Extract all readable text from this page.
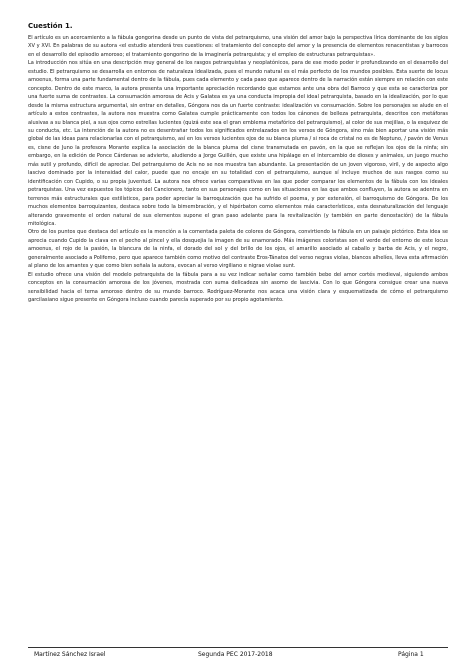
Cuestión 1.

El artículo es un acercamiento a la fábula gongorina desde un punto de vista del petrarquismo, una visión del amor bajo la perspectiva lírica dominante de los siglos XV y XVI. En palabras de su autora «el estudio atenderá tres cuestiones: el tratamiento del concepto del amor y la presencia de elementos renacentistas y barrocos en el desarrollo del episodio amoroso; el tratamiento gongorino de la imaginería petrarquista; y el empleo de estructuras petrarquistas».

La introducción nos sitúa en una descripción muy general de los rasgos petrarquistas y neoplatónicos, para de ese modo poder ir profundizando en el desarrollo del estudio. El petrarquismo se desarrolla en entornos de naturaleza idealizada, pues el mundo natural es el más perfecto de los mundos posibles. Esta suerte de locus amoenus, forma una parte fundamental dentro de la fábula, pues cada elemento y cada paso que aparece dentro de la narración están siempre en relación con este concepto. Dentro de este marco, la autora presenta una importante apreciación recordando que estamos ante una obra del Barroco y que esta se caracteriza por una fuerte suma de contrastes. La consumación amorosa de Acis y Galatea es ya una conducta impropia del ideal petrarquista, basado en la idealización, por lo que desde la misma estructura argumental, sin entrar en detalles, Góngora nos da un fuerte contraste: idealización vs consumación. Sobre los personajes se alude en el artículo a estos contrastes, la autora nos muestra como Galatea cumple prácticamente con todos los cánones de belleza petrarquista, descritos con metáforas alusivas a su blanca piel, a sus ojos como estrellas lucientes (quizá este sea el gran emblema metafórico del petrarquismo), al color de sus mejillas, o la esquivez de su conducta, etc. La intención de la autora no es desentrañar todos los significados entrelazados en los versos de Góngora, sino más bien aportar una visión más global de las ideas para relacionarlas con el petrarquismo, así en los versos lucientes ojos de su blanca pluma / si roca de cristal no es de Neptuno, / pavón de Venus es, cisne de Juno la profesora Morante explica la asociación de la blanca pluma del cisne transmutada en pavón, en la que se reflejan los ojos de la ninfa; sin embargo, en la edición de Ponce Cárdenas se advierte, aludiendo a Jorge Guillén, que existe una hipálage en el intercambio de dioses y animales, un juego mucho más sutil y profundo, difícil de apreciar. Del petrarquismo de Acis no se nos muestra tan abundante. La presentación de un joven vigoroso, viril, y de aspecto algo lascivo dominado por la intensidad del calor, puede que no encaje en su totalidad con el petrarquismo, aunque sí incluye muchos de sus rasgos como su identificación con Cupido, o su propia juventud. La autora nos ofrece varias comparativas en las que poder comparar los elementos de la fábula con los ideales petrarquistas. Una vez expuestos los tópicos del Cancionero, tanto en sus personajes como en las situaciones en las que ambos confluyen, la autora se adentra en terrenos más estructurales que estilísticos, para poder apreciar la barroquización que ha sufrido el poema, y por extensión, el barroquismo de Góngora. De los muchos elementos barroquizantes, destaca sobre todo la bimembración, y el hipérbaton como elementos más característicos, esta desnaturalización del lenguaje alterando gravemente el orden natural de sus elementos supone el gran paso adelante para la revitalización (y también en parte denostación) de la fábula mitológica.

Otro de los puntos que destaca del artículo es la mención a la comentada paleta de colores de Góngora, convirtiendo la fábula en un paisaje pictórico. Esta idea se aprecia cuando Cupido la clava en el pecho al pincel y ella dosquejia la imagen de su enamorado. Más imágenes coloristas son el verde del entorno de este locus amoenus, el rojo de la pasión, la blancura de la ninfa, el dorado del sol y del brillo de los ojos, el amarillo asociado al caballo y barba de Acis, y el negro, generalmente asociado a Polifemo, pero que aparece también como motivo del contraste Eros-Tánatos del verso negras violas, blancos alhelíes, lleva esta afirmación al plano de los amantes y que como bien señala la autora, evocan al verso virgiliano e nigrae violae sunt.

El estudio ofrece una visión del modelo petrarquista de la fábula para a su vez indicar señalar como también bebe del amor cortés medieval, siguiendo ambos conceptos en la consumación amorosa de los jóvenes, mostrada con suma delicadeza sin asomo de lascivia. Con lo que Góngora consigue crear una nueva sensibilidad hacia el tema amoroso dentro de su mundo barroco. Rodríguez-Morante nos acaca una visión clara y esquematizada de cómo el petrarquismo garcilasiano sigue presente en Góngora incluso cuando parecía superado por su propio agotamiento.

Martínez Sánchez Israel	Segunda PEC 2017-2018	Página 1
